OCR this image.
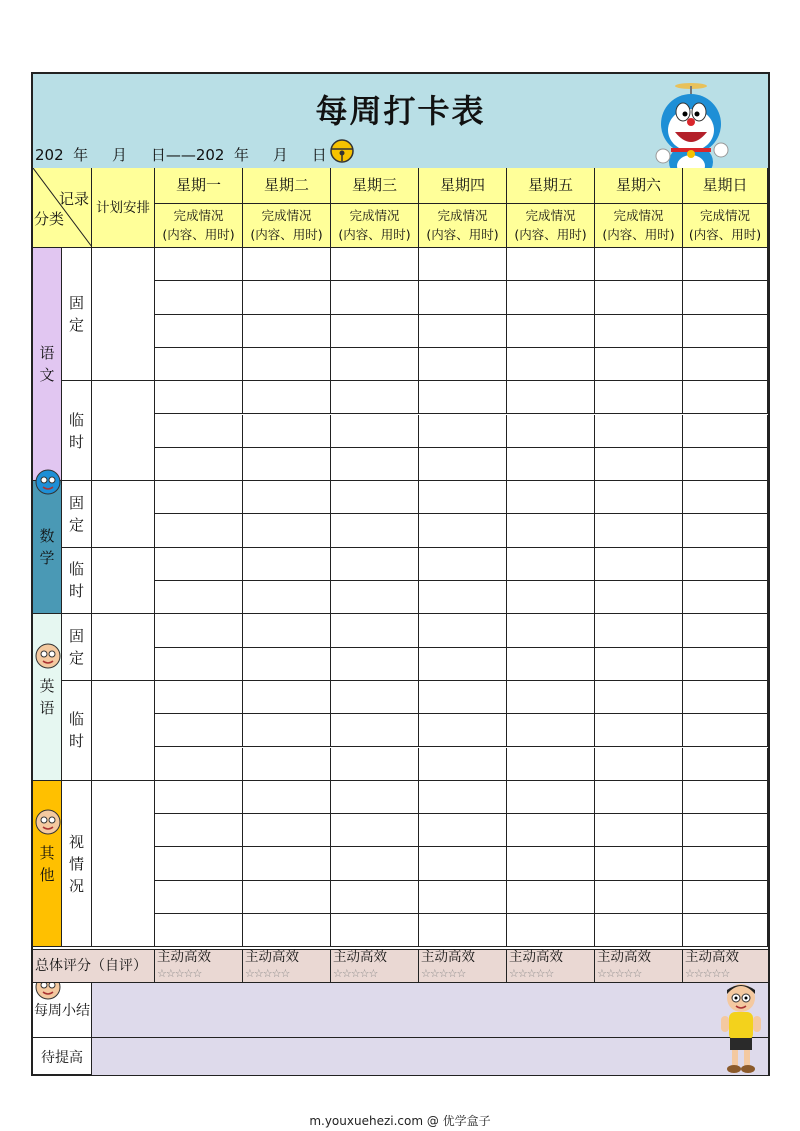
每周打卡表
202  年     月     日——202  年     月     日
记录
分类
计划安排
星期一
完成情况
(内容、用时)
星期二
完成情况
(内容、用时)
星期三
完成情况
(内容、用时)
星期四
完成情况
(内容、用时)
星期五
完成情况
(内容、用时)
星期六
完成情况
(内容、用时)
星期日
完成情况
(内容、用时)
语
文
固
定
临
时
数
学
固
定
临
时
英
语
固
定
临
时
其
他
视
情
况
总体评分（自评）
主动高效
☆☆☆☆☆
主动高效
☆☆☆☆☆
主动高效
☆☆☆☆☆
主动高效
☆☆☆☆☆
主动高效
☆☆☆☆☆
主动高效
☆☆☆☆☆
主动高效
☆☆☆☆☆
每周小结
待提高
m.youxuehezi.com @ 优学盒子
